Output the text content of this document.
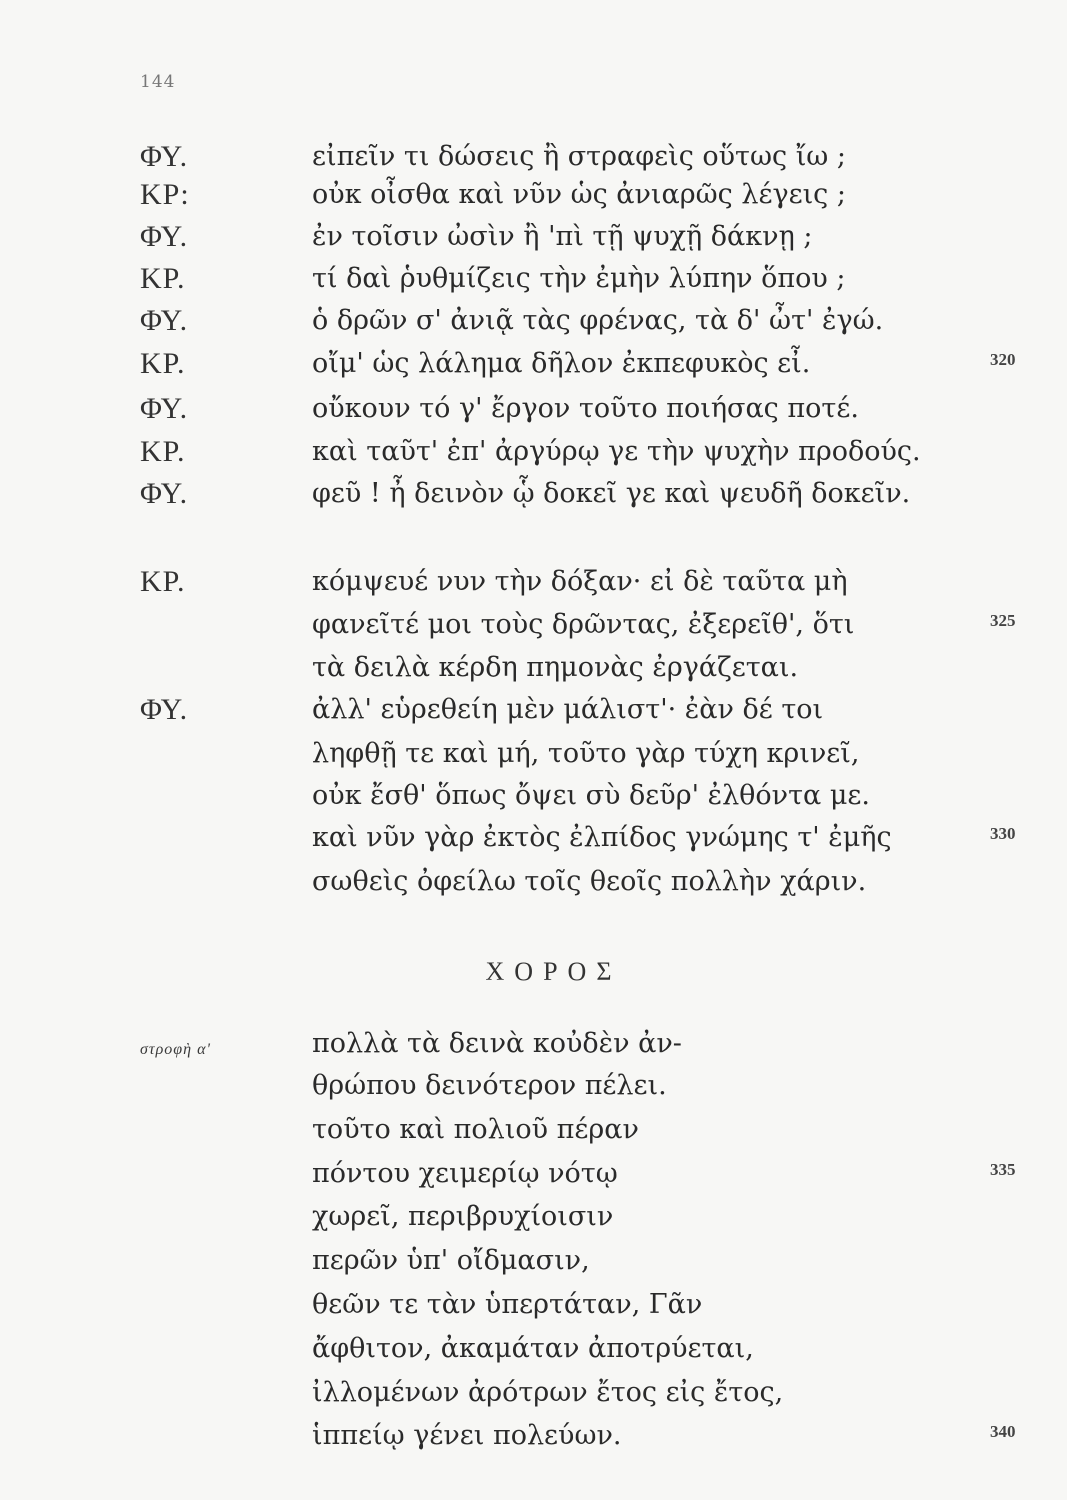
144
ΦΥ.	εἰπεῖν τι δώσεις ἢ στραφεὶς οὕτως ἴω ;
ΚΡ:	οὐκ οἶσθα καὶ νῦν ὡς ἀνιαρῶς λέγεις ;
ΦΥ.	ἐν τοῖσιν ὠσὶν ἢ 'πὶ τῇ ψυχῇ δάκνῃ ;
ΚΡ.	τί δαὶ ῥυθμίζεις τὴν ἐμὴν λύπην ὅπου ;
ΦΥ.	ὁ δρῶν σ' ἀνιᾷ τὰς φρένας, τὰ δ' ὦτ' ἐγώ.
ΚΡ.	οἴμ' ὡς λάλημα δῆλον ἐκπεφυκὸς εἶ.	320
ΦΥ.	οὔκουν τό γ' ἔργον τοῦτο ποιήσας ποτέ.
ΚΡ.	καὶ ταῦτ' ἐπ' ἀργύρῳ γε τὴν ψυχὴν προδούς.
ΦΥ.	φεῦ ! ἦ δεινὸν ᾧ δοκεῖ γε καὶ ψευδῆ δοκεῖν.
ΚΡ.	κόμψευέ νυν τὴν δόξαν· εἰ δὲ ταῦτα μὴ
φανεῖτέ μοι τοὺς δρῶντας, ἐξερεῖθ', ὅτι	325
τὰ δειλὰ κέρδη πημονὰς ἐργάζεται.
ΦΥ.	ἀλλ' εὑρεθείη μὲν μάλιστ'· ἐὰν δέ τοι
ληφθῇ τε καὶ μή, τοῦτο γὰρ τύχη κρινεῖ,
οὐκ ἔσθ' ὅπως ὄψει σὺ δεῦρ' ἐλθόντα με.
καὶ νῦν γὰρ ἐκτὸς ἐλπίδος γνώμης τ' ἐμῆς	330
σωθεὶς ὀφείλω τοῖς θεοῖς πολλὴν χάριν.
ΧΟΡΟΣ
στροφὴ α'	πολλὰ τὰ δεινὰ κοὐδὲν ἀν-
θρώπου δεινότερον πέλει.
τοῦτο καὶ πολιοῦ πέραν
πόντου χειμερίῳ νότῳ	335
χωρεῖ, περιβρυχίοισιν
περῶν ὑπ' οἴδμασιν,
θεῶν τε τὰν ὑπερτάταν, Γᾶν
ἄφθιτον, ἀκαμάταν ἀποτρύεται,
ἰλλομένων ἀρότρων ἔτος εἰς ἔτος,
ἱππείῳ γένει πολεύων.	340
